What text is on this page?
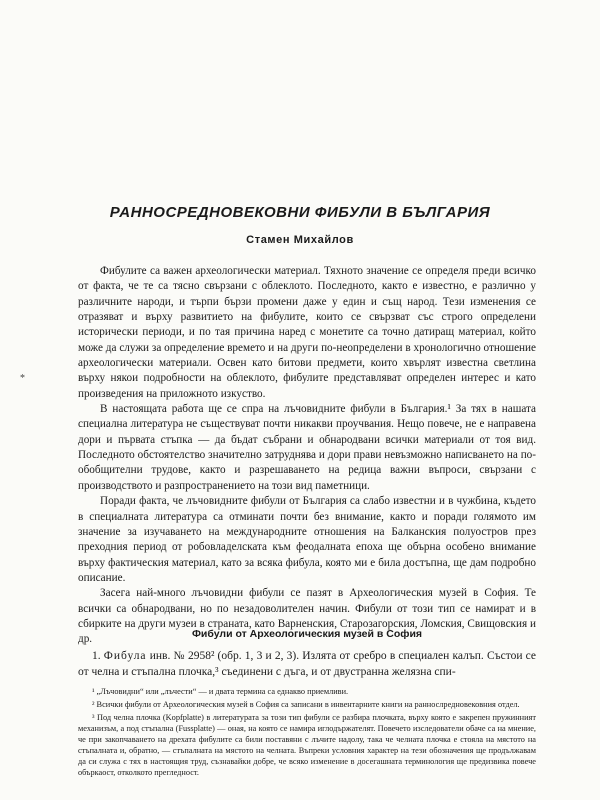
РАННОСРЕДНОВЕКОВНИ ФИБУЛИ В БЪЛГАРИЯ
Стамен Михайлов
*

Фибулите са важен археологически материал. Тяхното значение се определя преди всичко от факта, че те са тясно свързани с облеклото. Последното, както е известно, е различно у различните народи, и търпи бързи промени даже у един и същ народ. Тези изменения се отразяват и върху развитието на фибулите, които се свързват със строго определени исторически периоди, и по тая причина наред с монетите са точно датиращ материал, който може да служи за определение времето и на други по-неопределени в хронологично отношение археологически материали. Освен като битови предмети, които хвърлят известна светлина върху някои подробности на облеклото, фибулите представляват определен интерес и като произведения на приложното изкуство.

В настоящата работа ще се спра на лъчовидните фибули в България.¹ За тях в нашата специална литература не съществуват почти никакви проучвания. Нещо повече, не е направена дори и първата стъпка — да бъдат събрани и обнародвани всички материали от тоя вид. Последното обстоятелство значително затруднява и дори прави невъзможно написването на по-обобщителни трудове, както и разрешаването на редица важни въпроси, свързани с производството и разпространението на този вид паметници.

Поради факта, че лъчовидните фибули от България са слабо известни и в чужбина, където в специалната литература са отминати почти без внимание, както и поради голямото им значение за изучаването на международните отношения на Балканския полуостров през преходния период от робовладелската към феодалната епоха ще обърна особено внимание върху фактическия материал, като за всяка фибула, която ми е била достъпна, ще дам подробно описание.

Засега най-много лъчовидни фибули се пазят в Археологическия музей в София. Те всички са обнародвани, но по незадоволителен начин. Фибули от този тип се намират и в сбирките на други музеи в страната, като Варненския, Старозагорския, Ломския, Свищовския и др.	Фибули от Археологическия музей в София
1. Фибула инв. № 2958² (обр. 1, 3 и 2, 3). Излята от сребро в специален калъп. Състои се от челна и стъпална плочка,³ съединени с дъга, и от двустранна желязна спи-

¹ „Лъчовидни“ или „лъчести“ — и двата термина са еднакво приемливи.

² Всички фибули от Археологическия музей в София са записани в инвентарните книги на раннослредновековния отдел.

³ Под челна плочка (Kopfplatte) в литературата за този тип фибули се разбира плочката, върху която е закрепен пружинният механизъм, а под стъпална (Fussplatte) — оная, на която се намира иглодържателят. Повечето изследователи обаче са на мнение, че при закопчаването на дрехата фибулите са били поставяни с лъчите надолу, така че челната плочка е стояла на мястото на стъпалната и, обратно, — стъпалната на мястото на челната. Въпреки условния характер на тези обозначения ще продължавам да си служа с тях в настоящия труд, съзнавайки добре, че всяко изменение в досегашната терминология ще предизвика повече объркаост, отколкото прегледност.
